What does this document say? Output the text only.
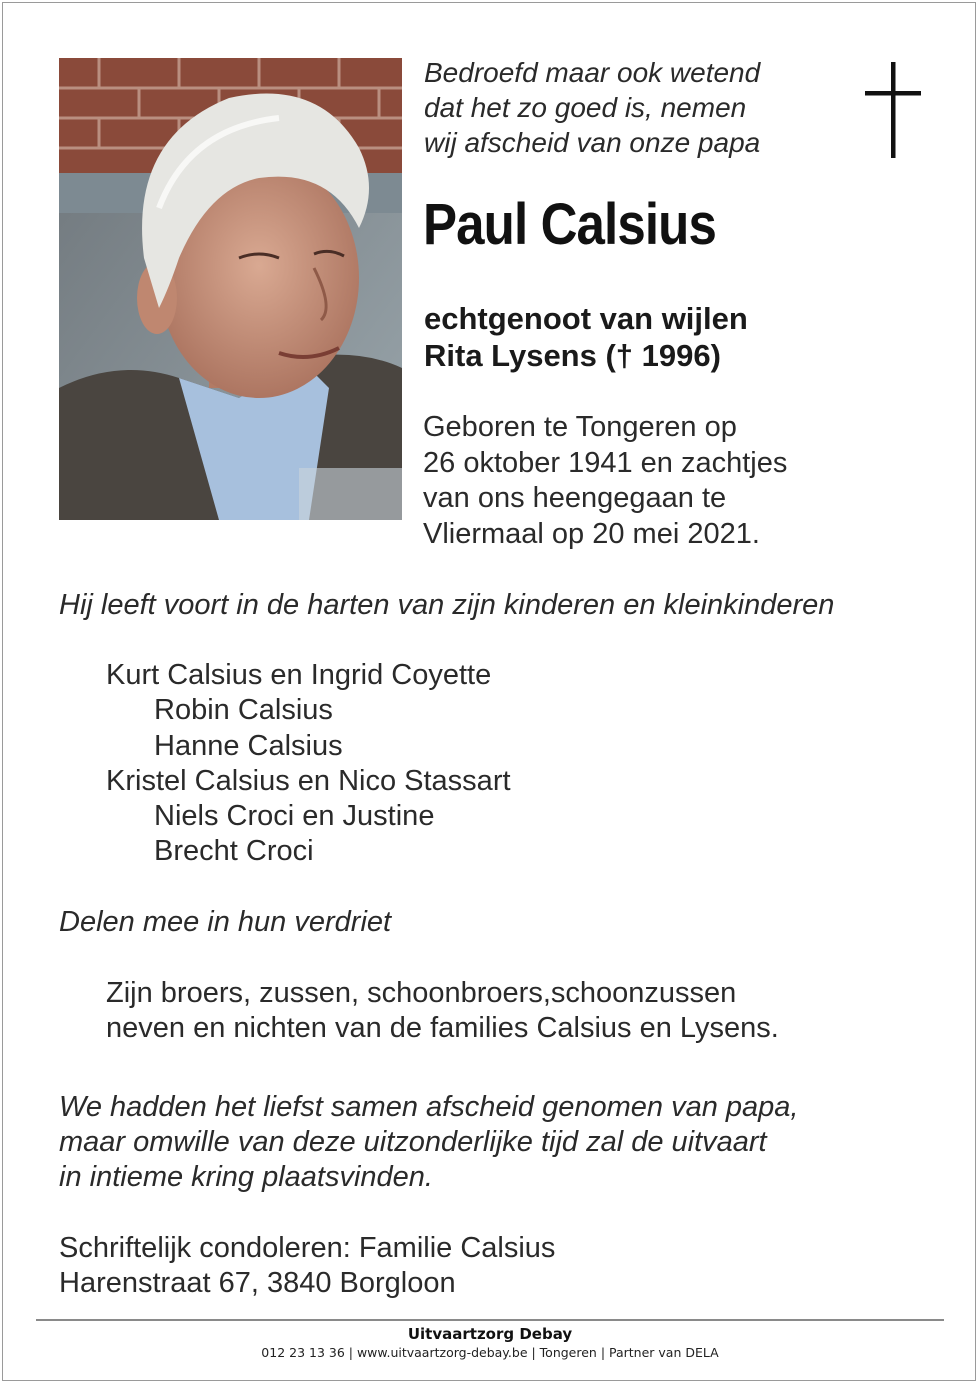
Bedroefd maar ook wetend
dat het zo goed is, nemen
wij afscheid van onze papa
Paul Calsius
echtgenoot van wijlen
Rita Lysens († 1996)
Geboren te Tongeren op
26 oktober 1941 en zachtjes
van ons heengegaan te
Vliermaal op 20 mei 2021.
Hij leeft voort in de harten van zijn kinderen en kleinkinderen
Kurt Calsius en Ingrid Coyette
Robin Calsius
Hanne Calsius
Kristel Calsius en Nico Stassart
Niels Croci en Justine
Brecht Croci
Delen mee in hun verdriet
Zijn broers, zussen, schoonbroers,schoonzussen
neven en nichten van de families Calsius en Lysens.
We hadden het liefst samen afscheid genomen van papa,
maar omwille van deze uitzonderlijke tijd zal de uitvaart
in intieme kring plaatsvinden.
Schriftelijk condoleren: Familie Calsius
Harenstraat 67, 3840 Borgloon
Uitvaartzorg Debay
012 23 13 36 | www.uitvaartzorg-debay.be | Tongeren | Partner van DELA
